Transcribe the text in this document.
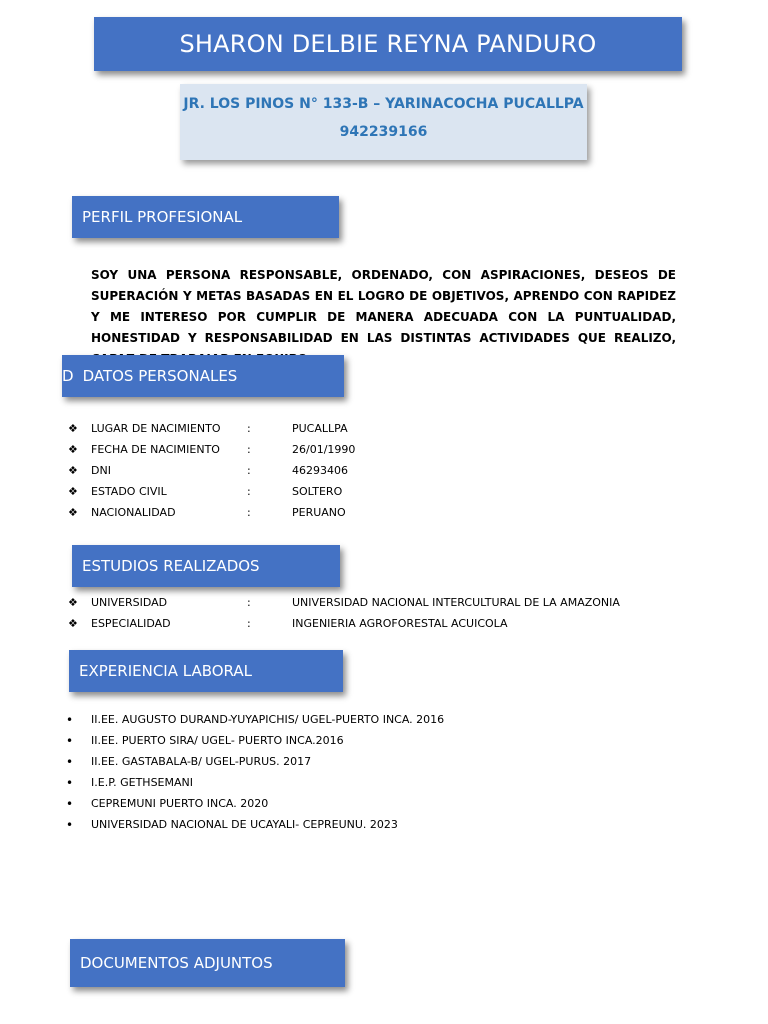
SHARON DELBIE REYNA PANDURO
JR. LOS PINOS N° 133-B – YARINACOCHA PUCALLPA
942239166
PERFIL PROFESIONAL
SOY UNA PERSONA RESPONSABLE, ORDENADO, CON ASPIRACIONES, DESEOS DE SUPERACIÓN Y METAS BASADAS EN EL LOGRO DE OBJETIVOS, APRENDO CON RAPIDEZ Y ME INTERESO POR CUMPLIR DE MANERA ADECUADA CON LA PUNTUALIDAD, HONESTIDAD Y RESPONSABILIDAD EN LAS DISTINTAS ACTIVIDADES QUE REALIZO,
D DATOS PERSONALES
❖	LUGAR DE NACIMIENTO	:	PUCALLPA
❖	FECHA DE NACIMIENTO	:	26/01/1990
❖	DNI	:	46293406
❖	ESTADO CIVIL	:	SOLTERO
❖	NACIONALIDAD	:	PERUANO
ESTUDIOS REALIZADOS
❖	UNIVERSIDAD	:	UNIVERSIDAD NACIONAL INTERCULTURAL DE LA AMAZONIA
❖	ESPECIALIDAD	:	INGENIERIA AGROFORESTAL ACUICOLA
EXPERIENCIA LABORAL
•	II.EE. AUGUSTO DURAND-YUYAPICHIS/ UGEL-PUERTO INCA. 2016
•	II.EE. PUERTO SIRA/ UGEL- PUERTO INCA.2016
•	II.EE. GASTABALA-B/ UGEL-PURUS. 2017
•	I.E.P. GETHSEMANI
•	CEPREMUNI PUERTO INCA. 2020
•	UNIVERSIDAD NACIONAL DE UCAYALI- CEPREUNU. 2023
DOCUMENTOS ADJUNTOS
